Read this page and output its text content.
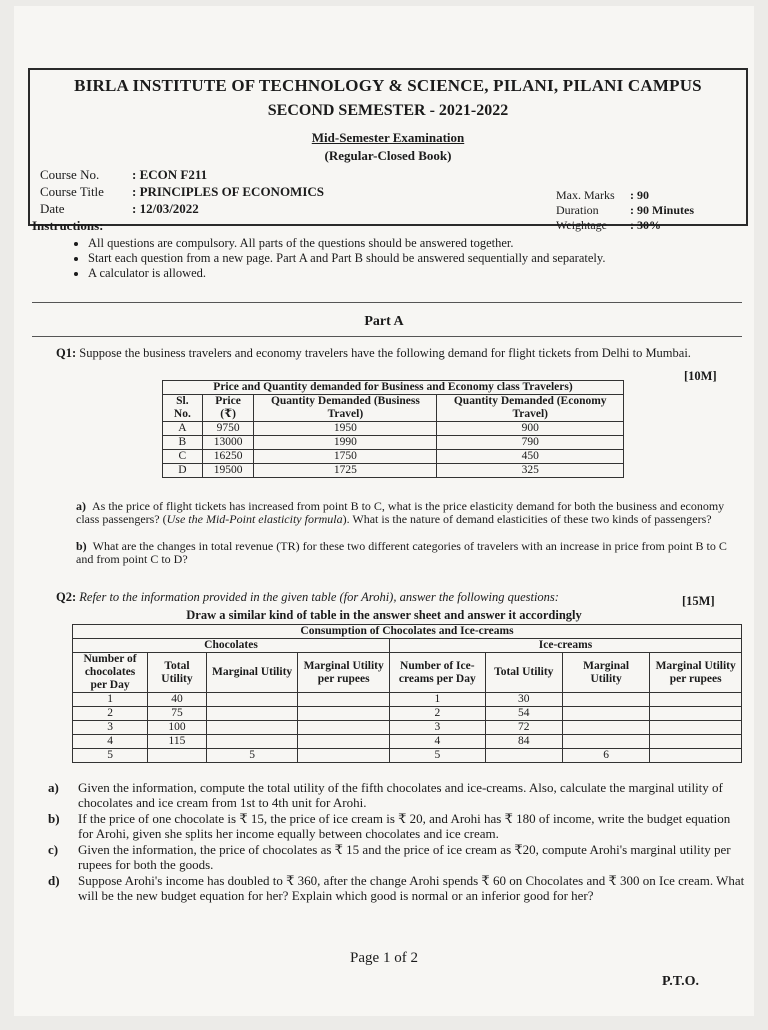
BIRLA INSTITUTE OF TECHNOLOGY & SCIENCE, PILANI, PILANI CAMPUS
SECOND SEMESTER - 2021-2022
Mid-Semester Examination
(Regular-Closed Book)
Course No.	: ECON F211
Course Title	: PRINCIPLES OF ECONOMICS
Date	: 12/03/2022
Max. Marks	: 90
Duration	: 90 Minutes
Weightage	: 30%
Instructions:
• All questions are compulsory. All parts of the questions should be answered together.
• Start each question from a new page. Part A and Part B should be answered sequentially and separately.
• A calculator is allowed.
Part A
Q1: Suppose the business travelers and economy travelers have the following demand for flight tickets from Delhi to Mumbai.
[10M]
Price and Quantity demanded for Business and Economy class Travelers)			
Sl. No.	Price (₹)	Quantity Demanded (Business Travel)	Quantity Demanded (Economy Travel)
A	9750	1950	900
B	13000	1990	790
C	16250	1750	450
D	19500	1725	325
a) As the price of flight tickets has increased from point B to C, what is the price elasticity demand for both the business and economy class passengers? (Use the Mid-Point elasticity formula). What is the nature of demand elasticities of these two kinds of passengers?
b) What are the changes in total revenue (TR) for these two different categories of travelers with an increase in price from point B to C and from point C to D?
Q2: Refer to the information provided in the given table (for Arohi), answer the following questions:	[15M]
Draw a similar kind of table in the answer sheet and answer it accordingly
Consumption of Chocolates and Ice-creams							
Chocolates				Ice-creams			
Number of chocolates per Day	Total Utility	Marginal Utility	Marginal Utility per rupees	Number of Ice-creams per Day	Total Utility	Marginal Utility	Marginal Utility per rupees
1	40			1	30		
2	75			2	54		
3	100			3	72		
4	115			4	84		
5		5		5		6	
a)	Given the information, compute the total utility of the fifth chocolates and ice-creams. Also, calculate the marginal utility of chocolates and ice cream from 1st to 4th unit for Arohi.
b)	If the price of one chocolate is ₹ 15, the price of ice cream is ₹ 20, and Arohi has ₹ 180 of income, write the budget equation for Arohi, given she splits her income equally between chocolates and ice cream.
c)	Given the information, the price of chocolates as ₹ 15 and the price of ice cream as ₹20, compute Arohi's marginal utility per rupees for both the goods.
d)	Suppose Arohi's income has doubled to ₹ 360, after the change Arohi spends ₹ 60 on Chocolates and ₹ 300 on Ice cream. What will be the new budget equation for her? Explain which good is normal or an inferior good for her?
Page 1 of 2
P.T.O.
